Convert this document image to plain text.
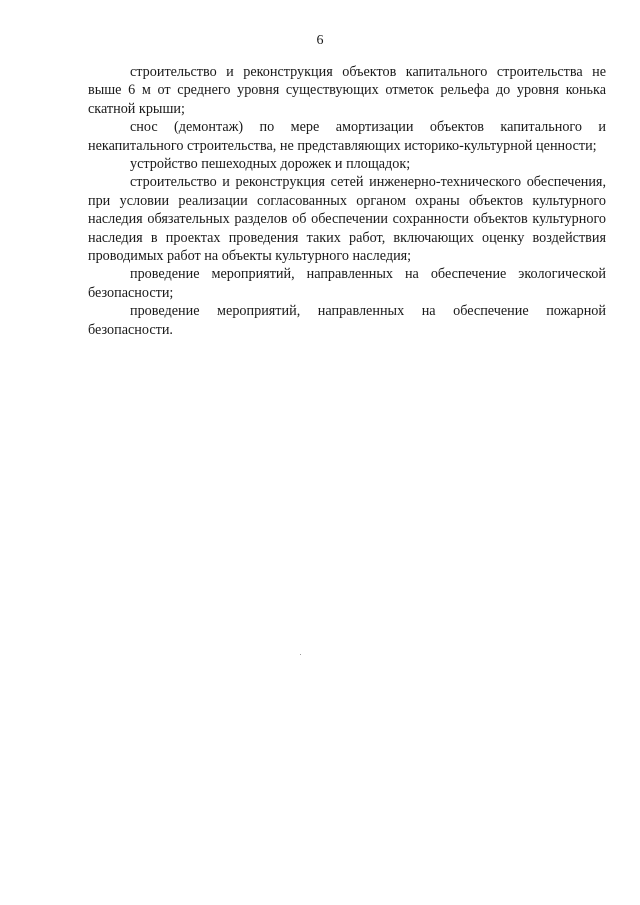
6

строительство и реконструкция объектов капитального строительства не выше 6 м от среднего уровня существующих отметок рельефа до уровня конька скатной крыши;

снос (демонтаж) по мере амортизации объектов капитального и некапитального строительства, не представляющих историко-культурной ценности;

устройство пешеходных дорожек и площадок;

строительство и реконструкция сетей инженерно-технического обеспечения, при условии реализации согласованных органом охраны объектов культурного наследия обязательных разделов об обеспечении сохранности объектов культурного наследия в проектах проведения таких работ, включающих оценку воздействия проводимых работ на объекты культурного наследия;

проведение мероприятий, направленных на обеспечение экологической безопасности;

проведение мероприятий, направленных на обеспечение пожарной безопасности.
